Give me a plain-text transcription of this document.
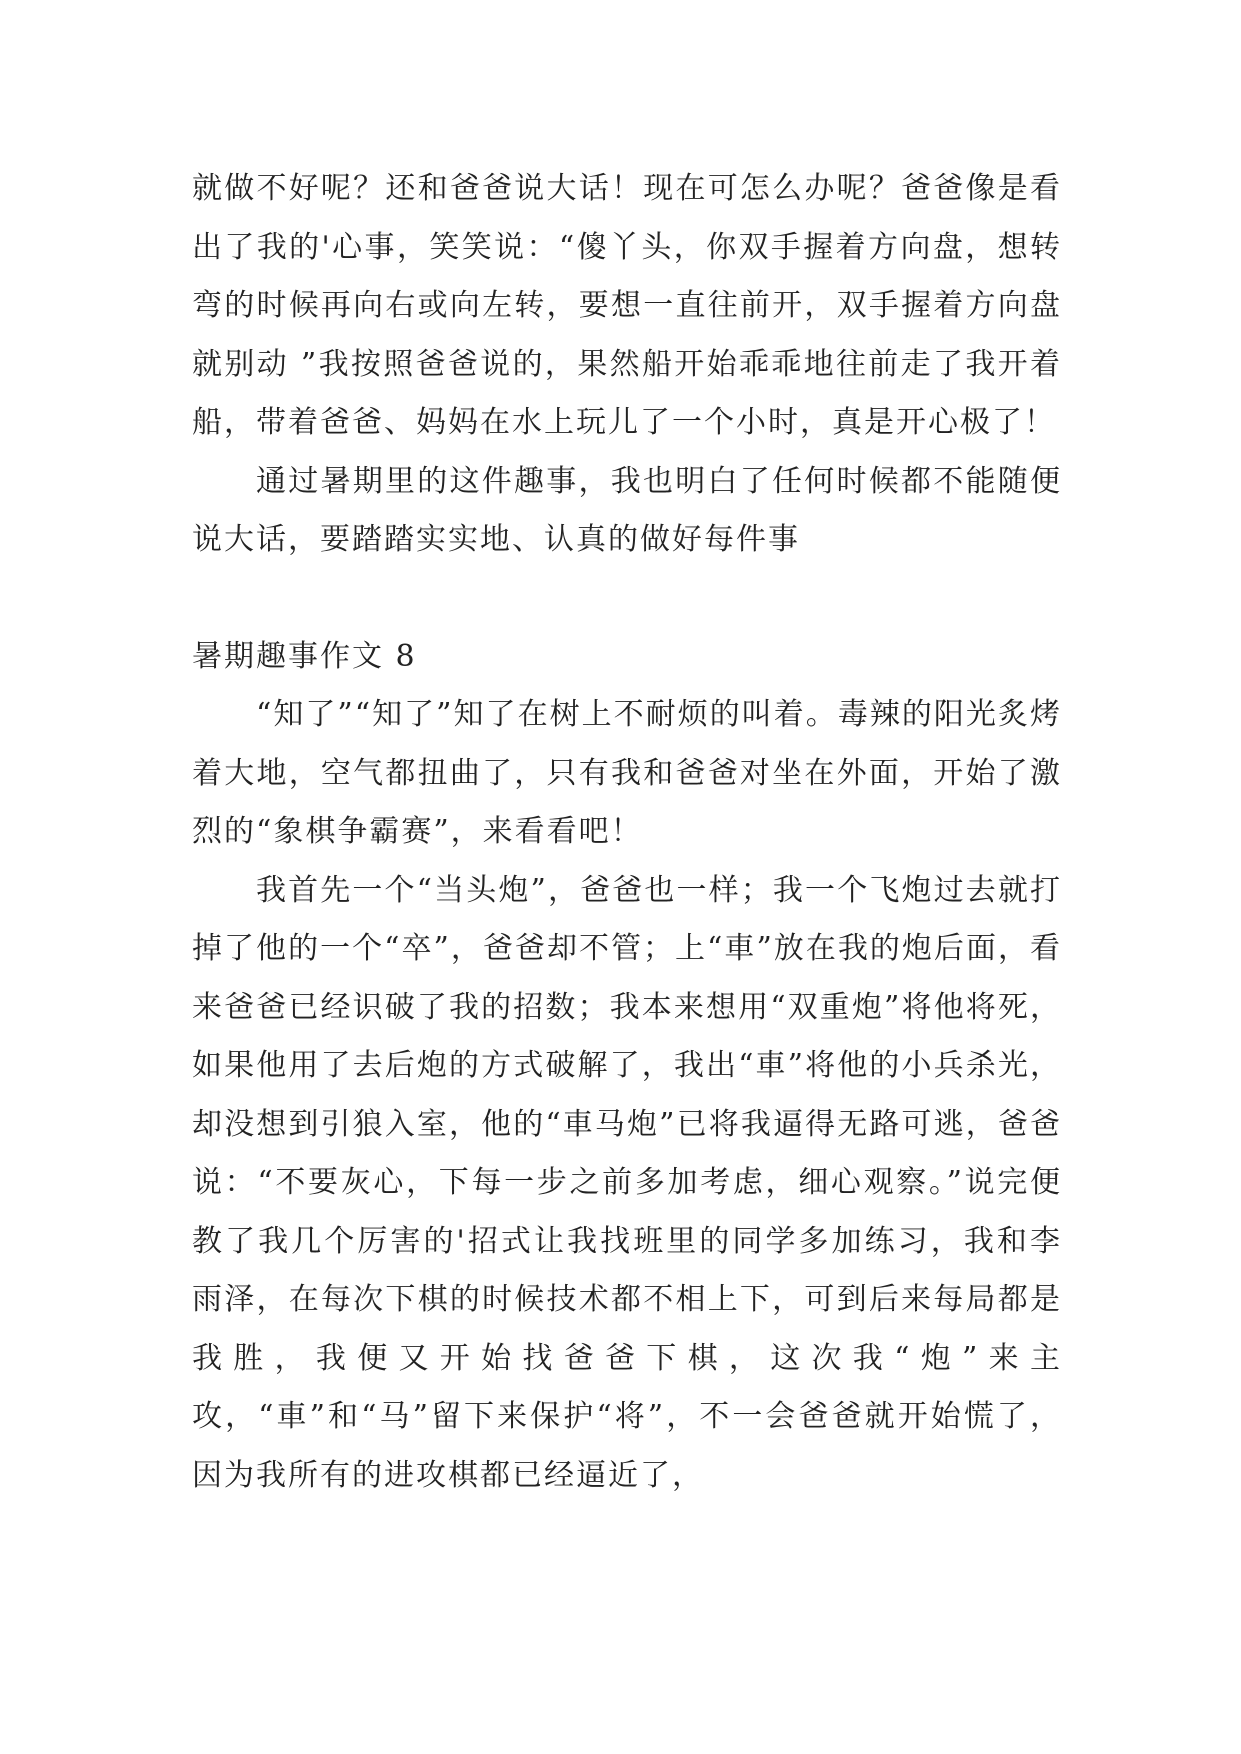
就做不好呢？还和爸爸说大话！现在可怎么办呢？爸爸像是看出了我的'心事，笑笑说：“傻丫头，你双手握着方向盘，想转弯的时候再向右或向左转，要想一直往前开，双手握着方向盘就别动 ”我按照爸爸说的，果然船开始乖乖地往前走了我开着船，带着爸爸、妈妈在水上玩儿了一个小时，真是开心极了！

通过暑期里的这件趣事，我也明白了任何时候都不能随便说大话，要踏踏实实地、认真的做好每件事

暑期趣事作文 8

“知了”“知了”知了在树上不耐烦的叫着。毒辣的阳光炙烤着大地，空气都扭曲了，只有我和爸爸对坐在外面，开始了激烈的“象棋争霸赛”，来看看吧！

我首先一个“当头炮”，爸爸也一样；我一个飞炮过去就打掉了他的一个“卒”，爸爸却不管；上“車”放在我的炮后面，看来爸爸已经识破了我的招数；我本来想用“双重炮”将他将死，如果他用了去后炮的方式破解了，我出“車”将他的小兵杀光，却没想到引狼入室，他的“車马炮”已将我逼得无路可逃，爸爸说：“不要灰心，下每一步之前多加考虑，细心观察。”说完便教了我几个厉害的'招式让我找班里的同学多加练习，我和李雨泽，在每次下棋的时候技术都不相上下，可到后来每局都是我胜，我便又开始找爸爸下棋，这次我“炮”来主攻，“車”和“马”留下来保护“将”，不一会爸爸就开始慌了，因为我所有的进攻棋都已经逼近了，
